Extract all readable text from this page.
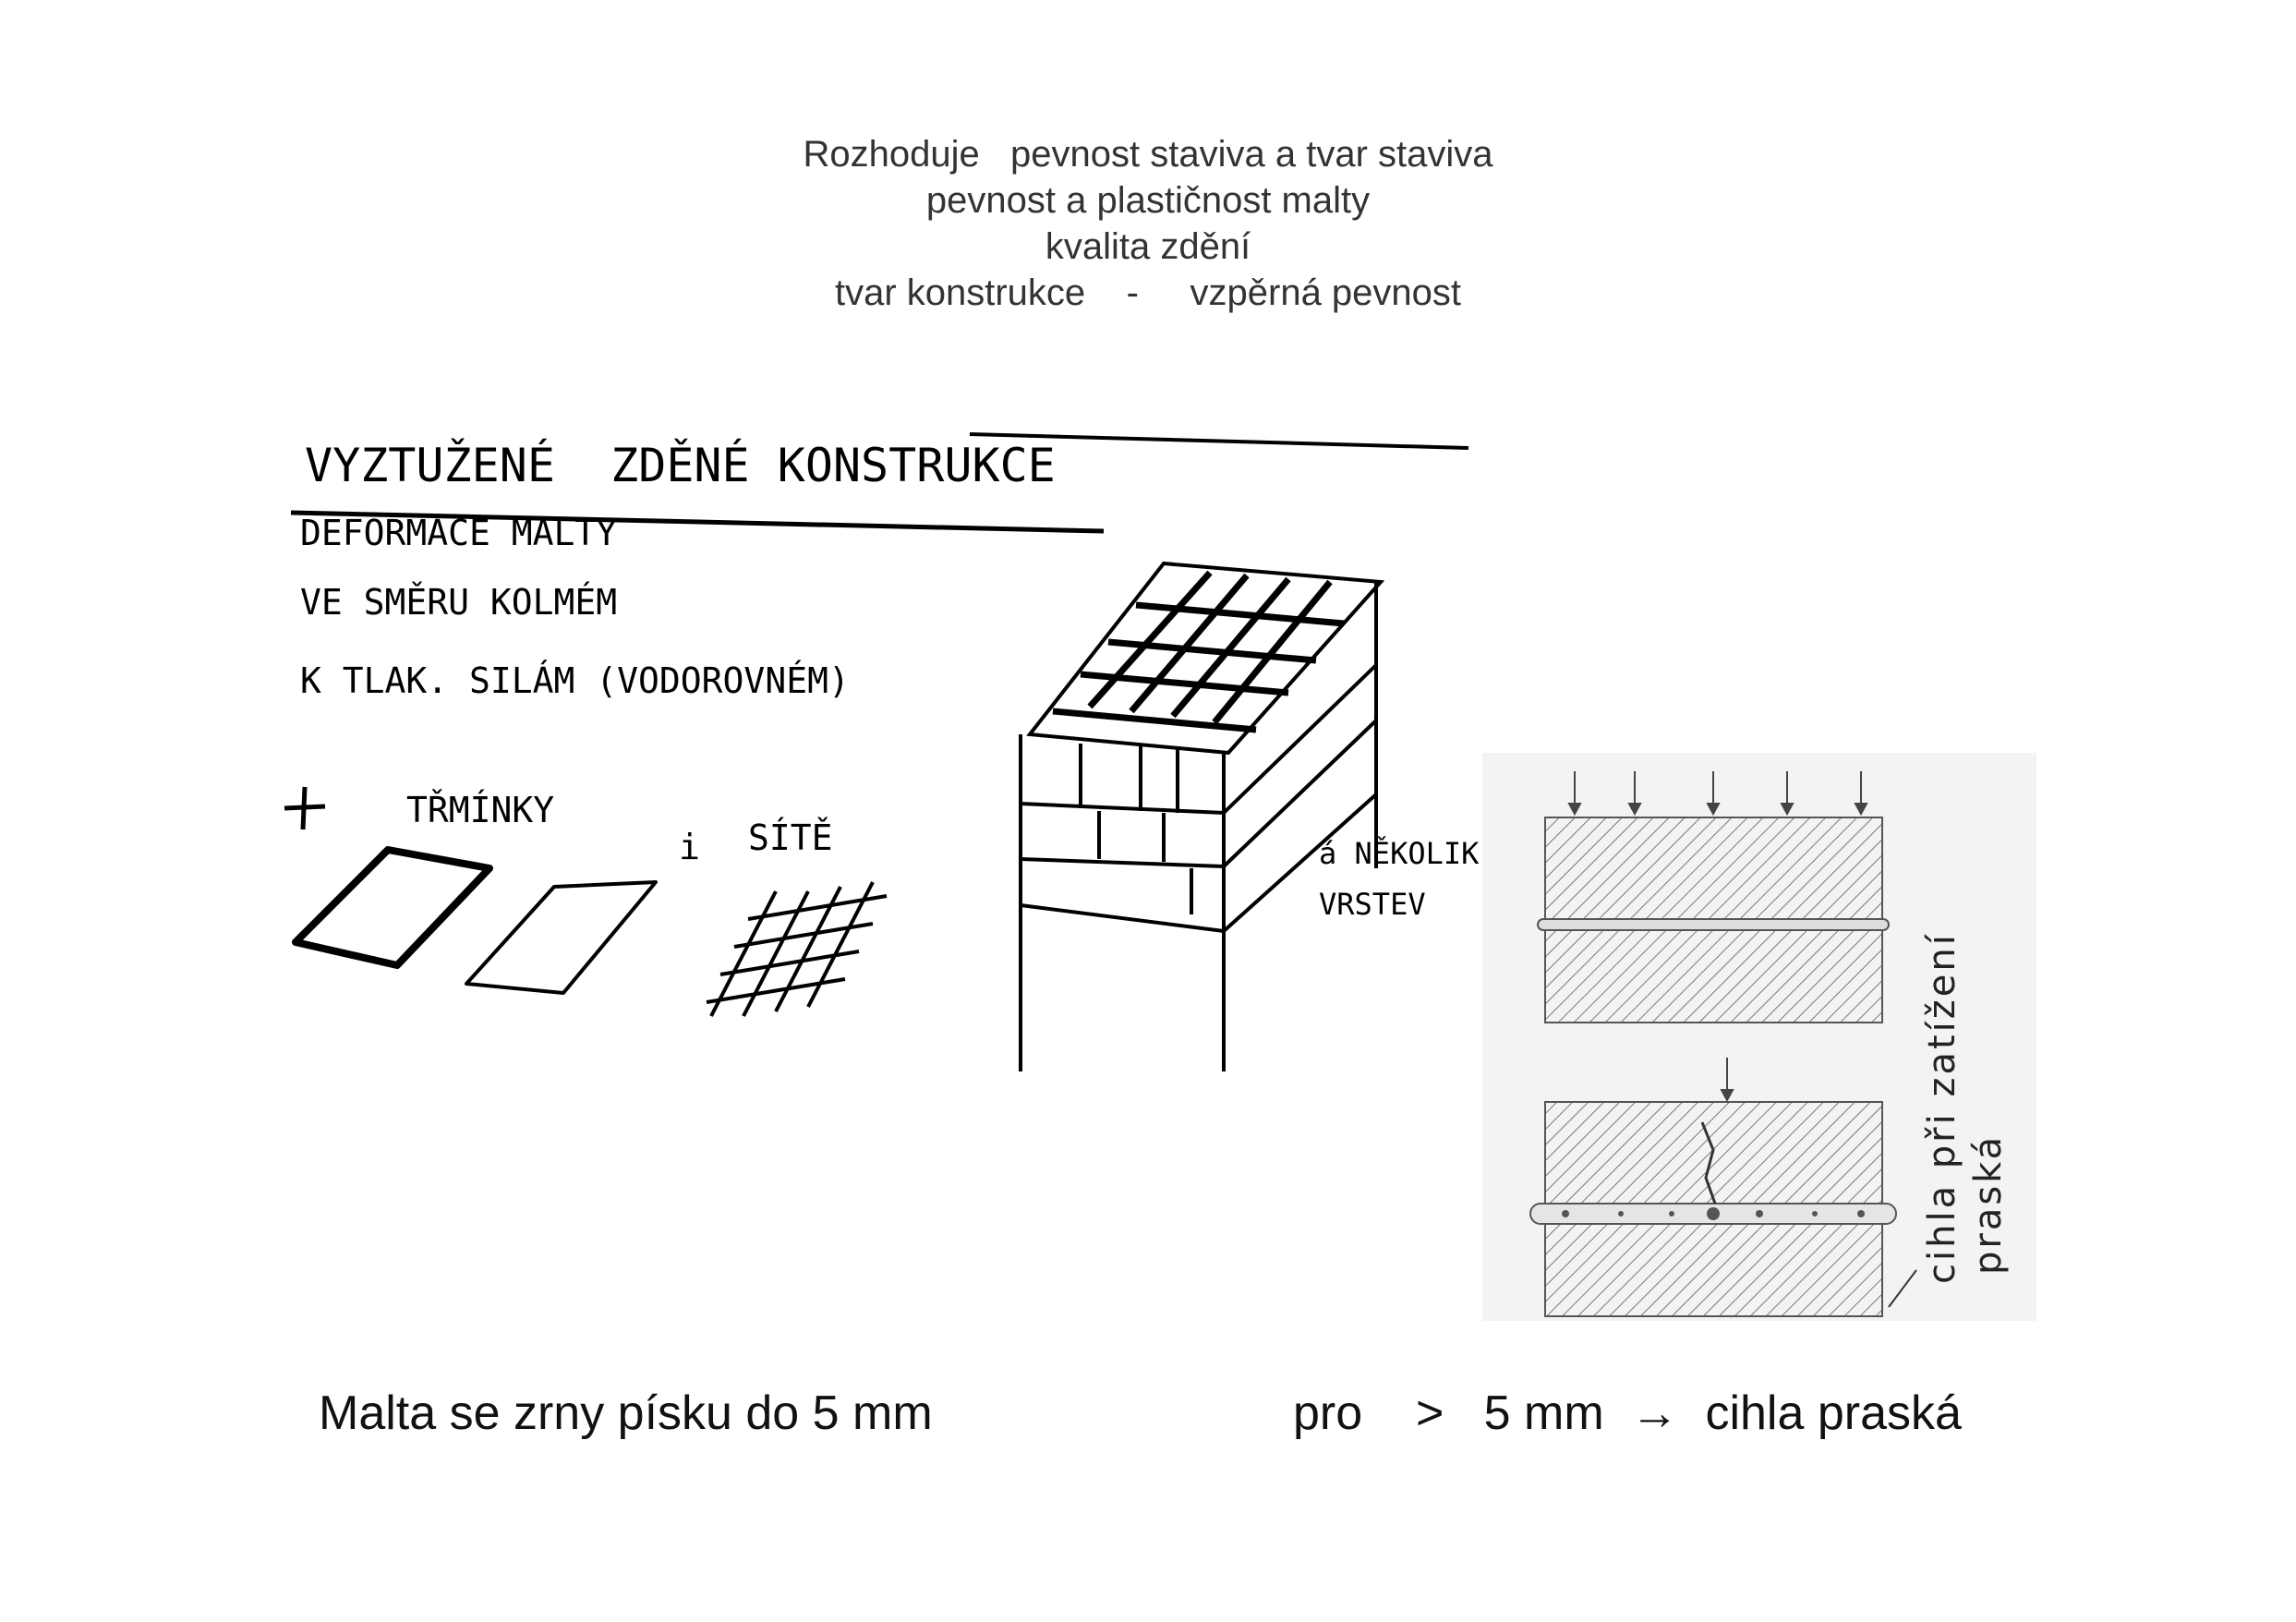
Rozhoduje   pevnost staviva a tvar staviva
pevnost a plastičnost malty
kvalita zdění
tvar konstrukce    -     vzpěrná pevnost
VYZTUŽENÉ  ZDĚNÉ KONSTRUKCE
DEFORMACE MALTY
VE SMĚRU KOLMÉM
K TLAK. SILÁM (VODOROVNÉM)
TŘMÍNKY
i SÍTĚ	á NĚKOLIK
VRSTEV
cihla při zatížení praská
Malta se zrny písku do 5 mm	pro    >   5 mm  →  cihla praská
